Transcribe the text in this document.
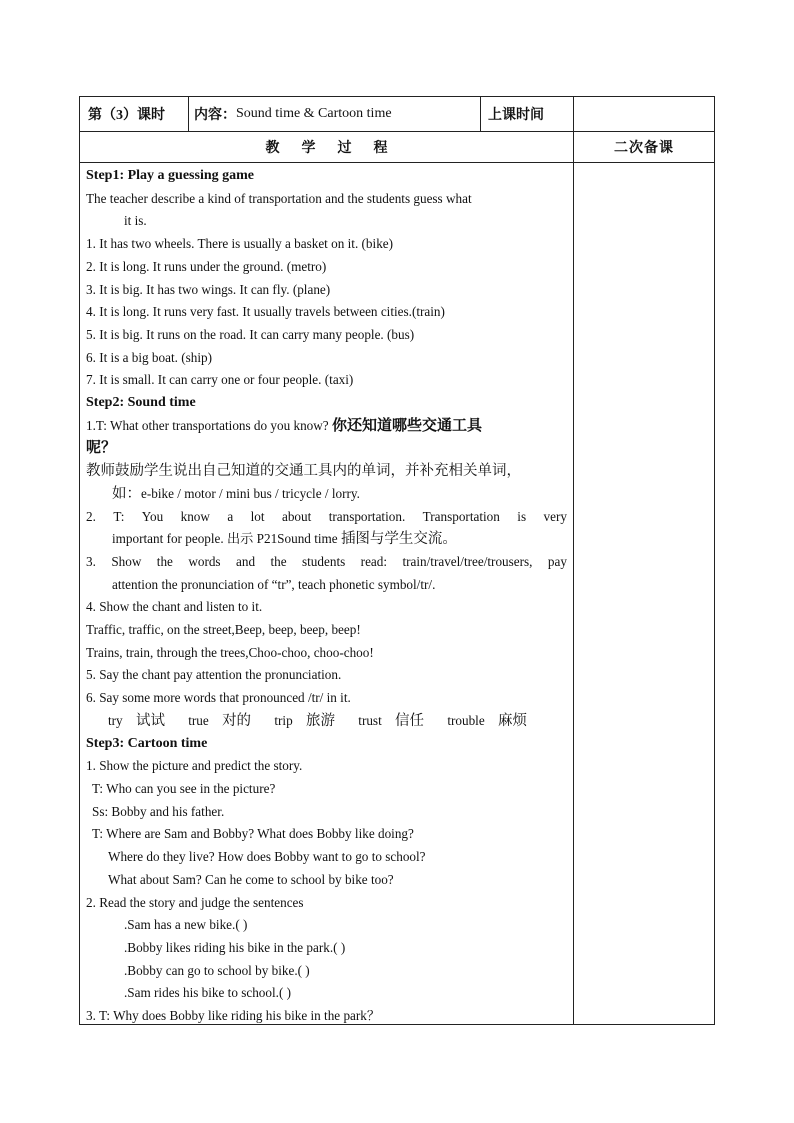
第（3）课时	内容： Sound time & Cartoon time	上课时间
教学过程	二次备课
Step1: Play a guessing game
The teacher describe a kind of transportation and the students guess what
it is.
1. It has two wheels. There is usually a basket on it. (bike)
2. It is long. It runs under the ground. (metro)
3. It is big. It has two wings. It can fly. (plane)
4. It is long. It runs very fast. It usually travels between cities.(train)
5. It is big. It runs on the road. It can carry many people. (bus)
6. It is a big boat. (ship)
7. It is small. It can carry one or four people. (taxi)
Step2: Sound time
1.T: What other transportations do you know? 你还知道哪些交通工具
呢？
教师鼓励学生说出自己知道的交通工具内的单词，并补充相关单词，
如：e-bike / motor / mini bus / tricycle / lorry.
2. T: You know a lot about transportation. Transportation is very
important for people. 出示 P21Sound time 插图与学生交流。
3. Show the words and the students read: train/travel/tree/trousers, pay
attention the pronunciation of “tr”, teach phonetic symbol/tr/.
4. Show the chant and listen to it.
Traffic, traffic, on the street,Beep, beep, beep, beep!
Trains, train, through the trees,Choo-choo, choo-choo!
5. Say the chant pay attention the pronunciation.
6. Say some more words that pronounced /tr/ in it.
try 试试 true 对的 trip 旅游 trust 信任 trouble 麻烦
Step3: Cartoon time
1. Show the picture and predict the story.
T: Who can you see in the picture?
Ss: Bobby and his father.
T: Where are Sam and Bobby? What does Bobby like doing?
Where do they live? How does Bobby want to go to school?
What about Sam? Can he come to school by bike too?
2. Read the story and judge the sentences
.Sam has a new bike.( )
.Bobby likes riding his bike in the park.( )
.Bobby can go to school by bike.( )
.Sam rides his bike to school.( )
3. T: Why does Bobby like riding his bike in the park？
